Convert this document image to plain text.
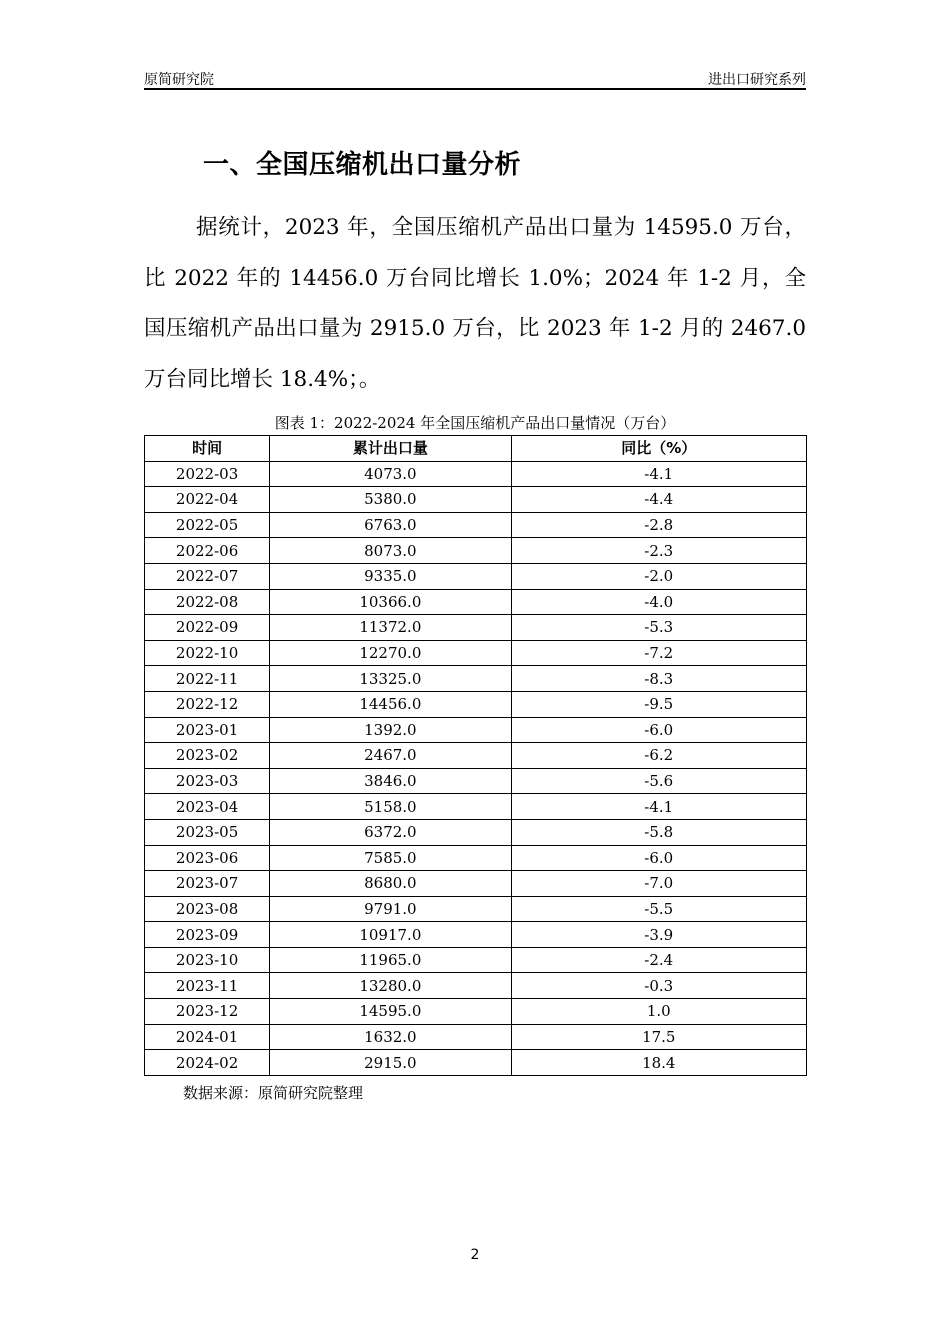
原简研究院	进出口研究系列
一、全国压缩机出口量分析

据统计，2023 年，全国压缩机产品出口量为 14595.0 万台，比 2022 年的 14456.0 万台同比增长 1.0%；2024 年 1-2 月，全国压缩机产品出口量为 2915.0 万台，比 2023 年 1-2 月的 2467.0 万台同比增长 18.4%；。

图表 1：2022-2024 年全国压缩机产品出口量情况（万台）
时间	累计出口量	同比（%）
2022-03	4073.0	-4.1
2022-04	5380.0	-4.4
2022-05	6763.0	-2.8
2022-06	8073.0	-2.3
2022-07	9335.0	-2.0
2022-08	10366.0	-4.0
2022-09	11372.0	-5.3
2022-10	12270.0	-7.2
2022-11	13325.0	-8.3
2022-12	14456.0	-9.5
2023-01	1392.0	-6.0
2023-02	2467.0	-6.2
2023-03	3846.0	-5.6
2023-04	5158.0	-4.1
2023-05	6372.0	-5.8
2023-06	7585.0	-6.0
2023-07	8680.0	-7.0
2023-08	9791.0	-5.5
2023-09	10917.0	-3.9
2023-10	11965.0	-2.4
2023-11	13280.0	-0.3
2023-12	14595.0	1.0
2024-01	1632.0	17.5
2024-02	2915.0	18.4
数据来源：原简研究院整理
2
